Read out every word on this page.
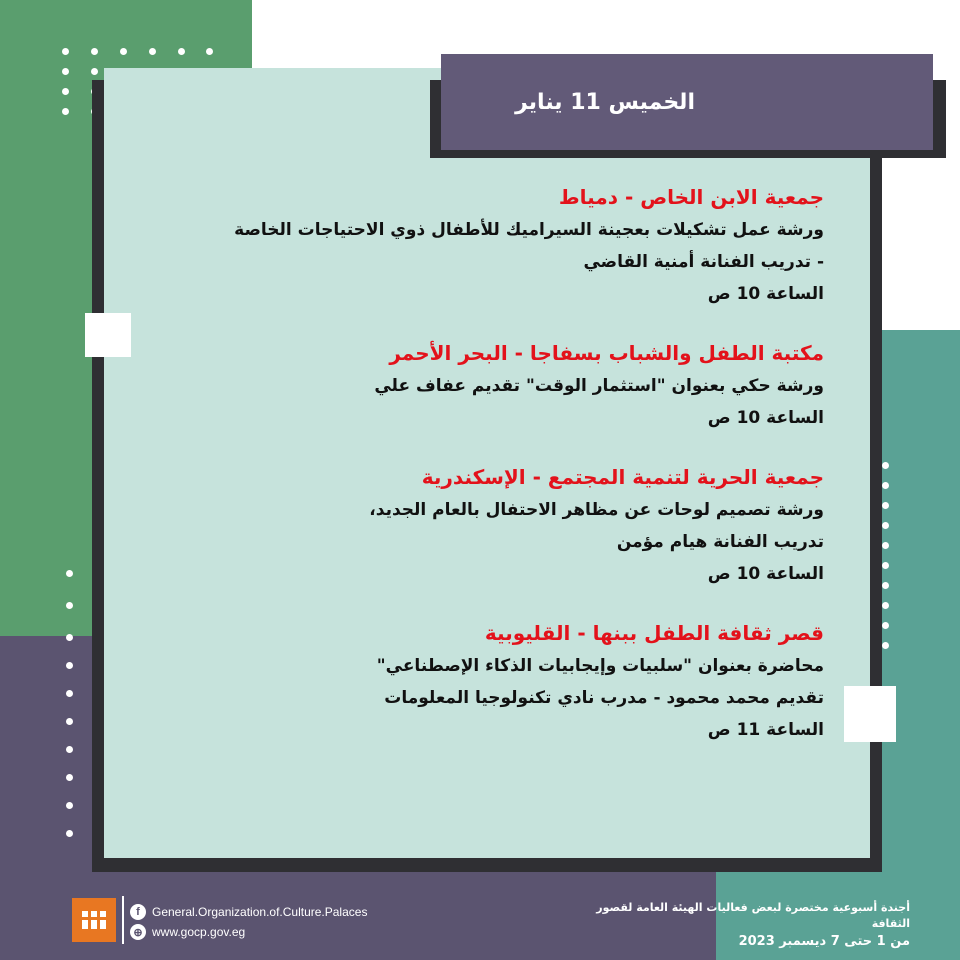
الخميس 11 يناير
جمعية الابن الخاص - دمياط
ورشة عمل تشكيلات بعجينة السيراميك للأطفال ذوي الاحتياجات الخاصة
- تدريب الفنانة أمنية القاضي
الساعة 10 ص
مكتبة الطفل والشباب بسفاجا - البحر الأحمر
ورشة حكي بعنوان "استثمار الوقت" تقديم عفاف علي
الساعة 10 ص
جمعية الحرية لتنمية المجتمع - الإسكندرية
ورشة تصميم لوحات عن مظاهر الاحتفال بالعام الجديد،
تدريب الفنانة هيام مؤمن
الساعة 10 ص
قصر ثقافة الطفل ببنها - القليوبية
محاضرة بعنوان "سلبيات وإيجابيات الذكاء الإصطناعي"
تقديم محمد محمود - مدرب نادي تكنولوجيا المعلومات
الساعة 11 ص
f	General.Organization.of.Culture.Palaces
⊕ www.gocp.gov.eg
أجندة أسبوعية مختصرة لبعض فعاليات الهيئة العامة لقصور الثقافة
من 1 حتى 7 ديسمبر 2023
